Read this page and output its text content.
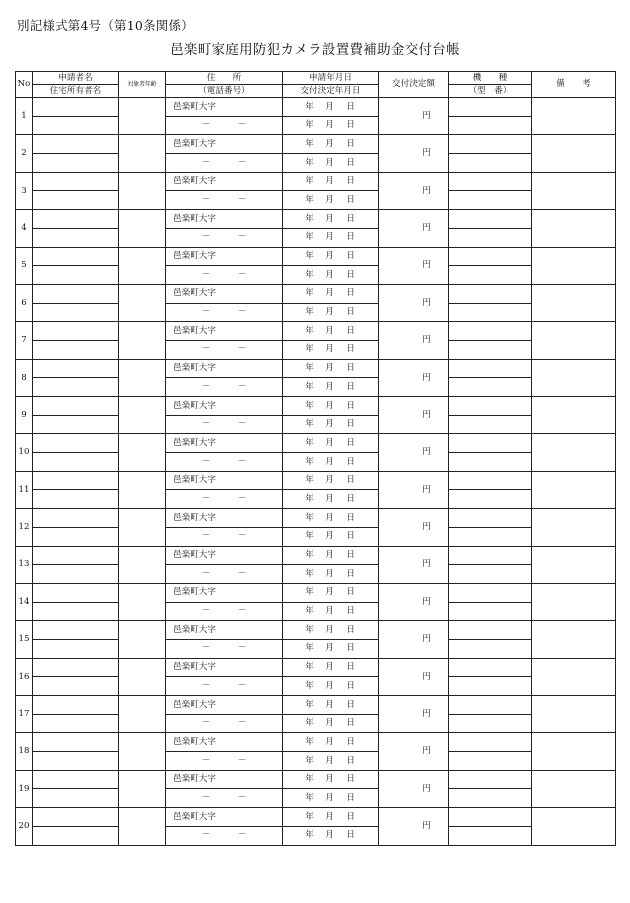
別記様式第4号（第10条関係）
邑楽町家庭用防犯カメラ設置費補助金交付台帳
No	申請者名	対象者年齢	住　　所	申請年月日	交付決定額	機　　種	備　　考
	住宅所有者名		（電話番号）	交付決定年月日		（型　番）	
1			邑楽町大字	年 月 日	円		
			－ －	年 月 日			
2			邑楽町大字	年 月 日	円		
			－ －	年 月 日			
3			邑楽町大字	年 月 日	円		
			－ －	年 月 日			
4			邑楽町大字	年 月 日	円		
			－ －	年 月 日			
5			邑楽町大字	年 月 日	円		
			－ －	年 月 日			
6			邑楽町大字	年 月 日	円		
			－ －	年 月 日			
7			邑楽町大字	年 月 日	円		
			－ －	年 月 日			
8			邑楽町大字	年 月 日	円		
			－ －	年 月 日			
9			邑楽町大字	年 月 日	円		
			－ －	年 月 日			
10			邑楽町大字	年 月 日	円		
			－ －	年 月 日			
11			邑楽町大字	年 月 日	円		
			－ －	年 月 日			
12			邑楽町大字	年 月 日	円		
			－ －	年 月 日			
13			邑楽町大字	年 月 日	円		
			－ －	年 月 日			
14			邑楽町大字	年 月 日	円		
			－ －	年 月 日			
15			邑楽町大字	年 月 日	円		
			－ －	年 月 日			
16			邑楽町大字	年 月 日	円		
			－ －	年 月 日			
17			邑楽町大字	年 月 日	円		
			－ －	年 月 日			
18			邑楽町大字	年 月 日	円		
			－ －	年 月 日			
19			邑楽町大字	年 月 日	円		
			－ －	年 月 日			
20			邑楽町大字	年 月 日	円		
			－ －	年 月 日			
